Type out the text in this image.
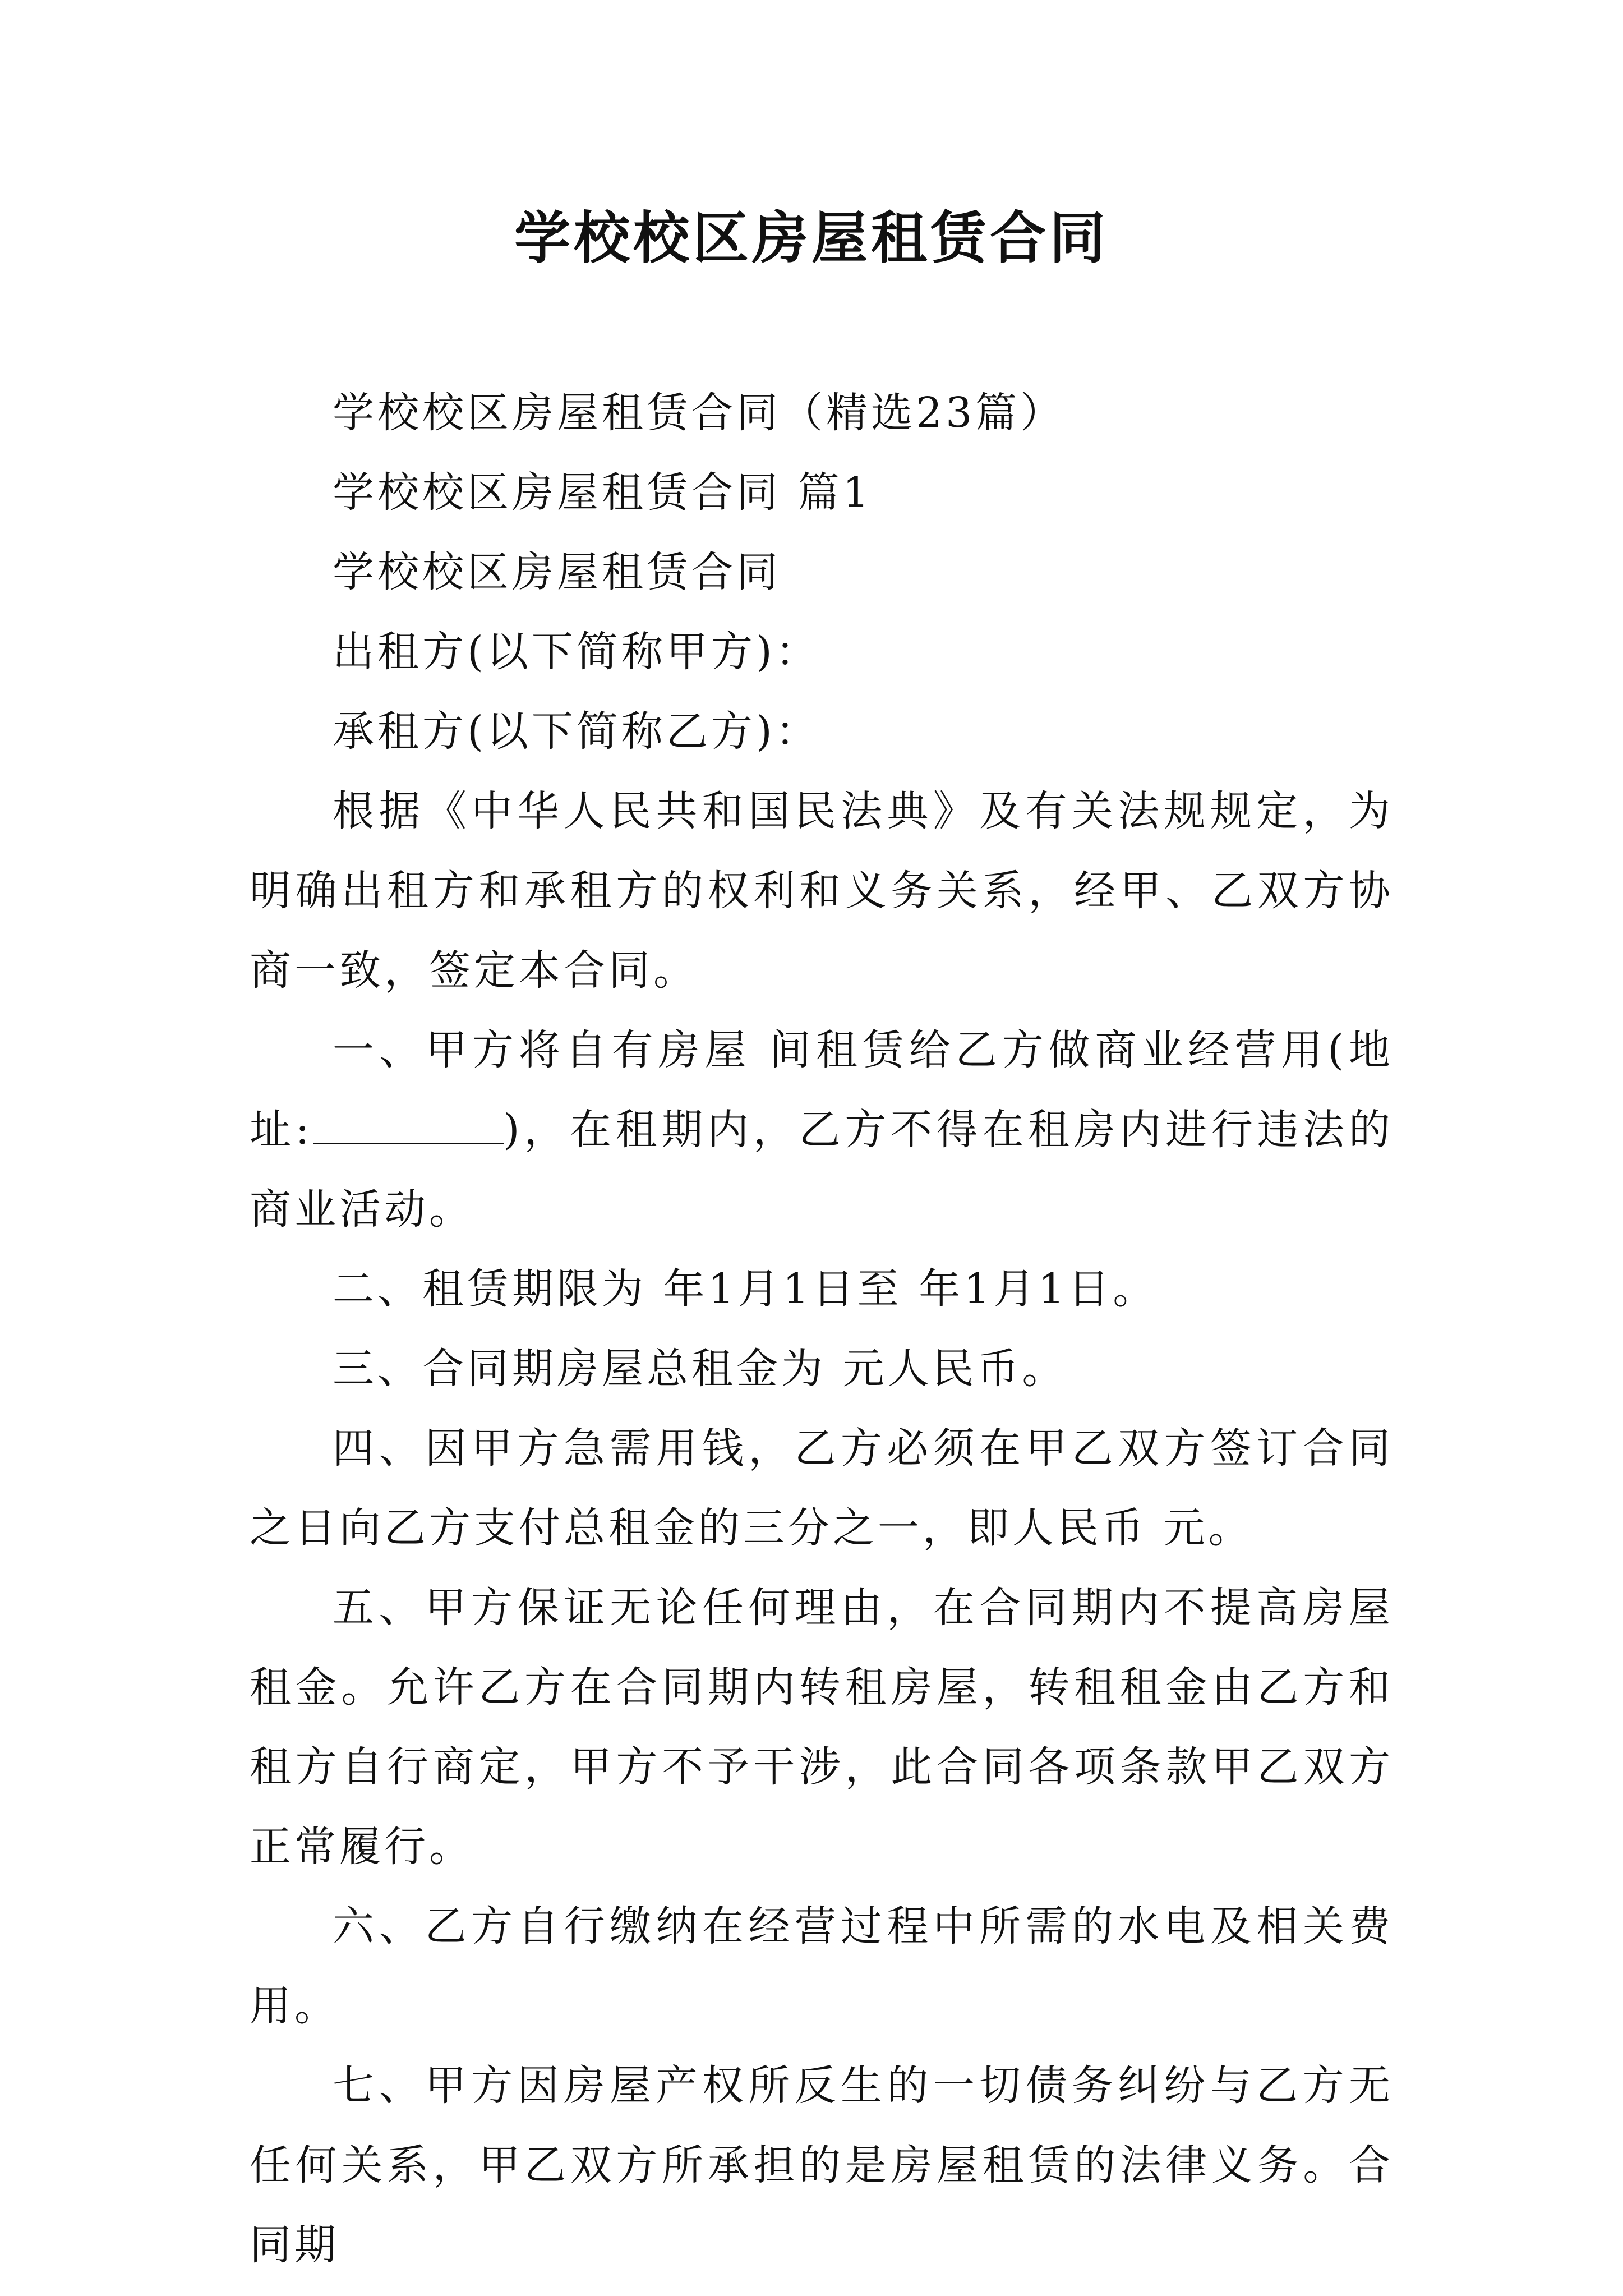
学校校区房屋租赁合同

学校校区房屋租赁合同（精选23篇）

学校校区房屋租赁合同 篇1

学校校区房屋租赁合同

出租方(以下简称甲方)：

承租方(以下简称乙方)：

根据《中华人民共和国民法典》及有关法规规定，为明确出租方和承租方的权利和义务关系，经甲、乙双方协商一致，签定本合同。

一、甲方将自有房屋 间租赁给乙方做商业经营用(地址:	)，在租期内，乙方不得在租房内进行违法的商业活动。

二、租赁期限为 年1月1日至 年1月1日。

三、合同期房屋总租金为 元人民币。

四、因甲方急需用钱，乙方必须在甲乙双方签订合同之日向乙方支付总租金的三分之一，即人民币 元。

五、甲方保证无论任何理由，在合同期内不提高房屋租金。允许乙方在合同期内转租房屋，转租租金由乙方和租方自行商定，甲方不予干涉，此合同各项条款甲乙双方正常履行。

六、乙方自行缴纳在经营过程中所需的水电及相关费用。

七、甲方因房屋产权所反生的一切债务纠纷与乙方无任何关系，甲乙双方所承担的是房屋租赁的法律义务。合同期
